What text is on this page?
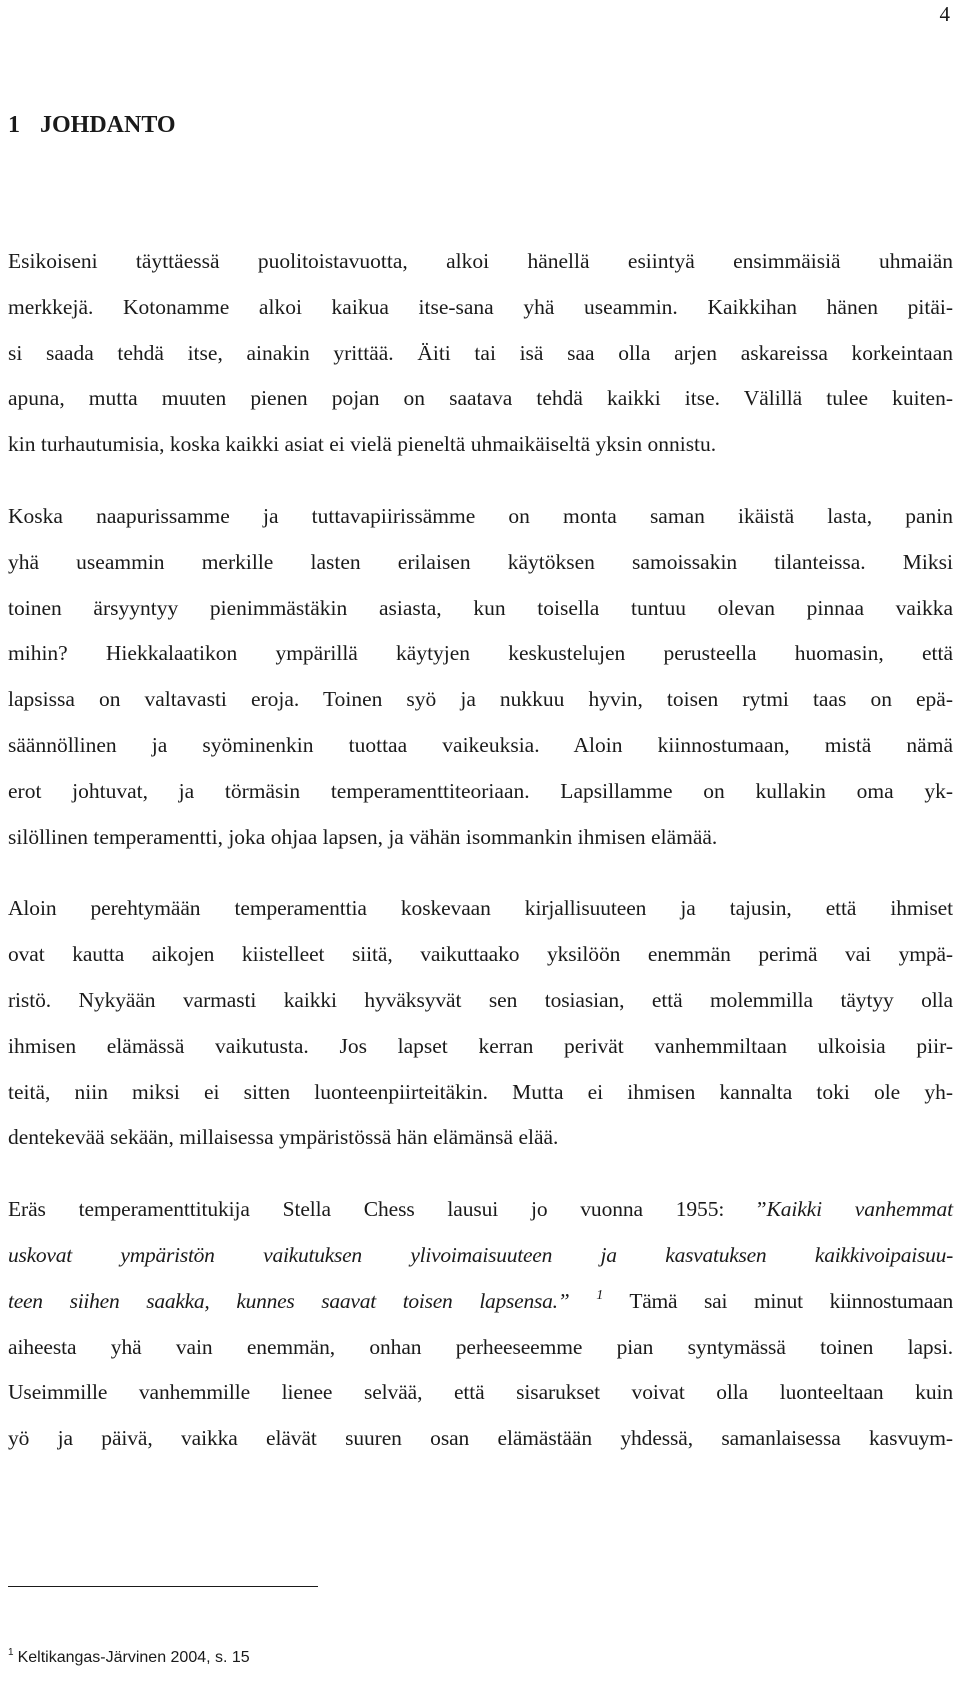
4
1 JOHDANTO

Esikoiseni täyttäessä puolitoistavuotta, alkoi hänellä esiintyä ensimmäisiä uhmaiän
merkkejä. Kotonamme alkoi kaikua itse-sana yhä useammin. Kaikkihan hänen pitäi-
si saada tehdä itse, ainakin yrittää. Äiti tai isä saa olla arjen askareissa korkeintaan
apuna, mutta muuten pienen pojan on saatava tehdä kaikki itse. Välillä tulee kuiten-
kin turhautumisia, koska kaikki asiat ei vielä pieneltä uhmaikäiseltä yksin onnistu.

Koska naapurissamme ja tuttavapiirissämme on monta saman ikäistä lasta, panin
yhä useammin merkille lasten erilaisen käytöksen samoissakin tilanteissa. Miksi
toinen ärsyyntyy pienimmästäkin asiasta, kun toisella tuntuu olevan pinnaa vaikka
mihin? Hiekkalaatikon ympärillä käytyjen keskustelujen perusteella huomasin, että
lapsissa on valtavasti eroja. Toinen syö ja nukkuu hyvin, toisen rytmi taas on epä-
säännöllinen ja syöminenkin tuottaa vaikeuksia. Aloin kiinnostumaan, mistä nämä
erot johtuvat, ja törmäsin temperamenttiteoriaan. Lapsillamme on kullakin oma yk-
silöllinen temperamentti, joka ohjaa lapsen, ja vähän isommankin ihmisen elämää.

Aloin perehtymään temperamenttia koskevaan kirjallisuuteen ja tajusin, että ihmiset
ovat kautta aikojen kiistelleet siitä, vaikuttaako yksilöön enemmän perimä vai ympä-
ristö. Nykyään varmasti kaikki hyväksyvät sen tosiasian, että molemmilla täytyy olla
ihmisen elämässä vaikutusta. Jos lapset kerran perivät vanhemmiltaan ulkoisia piir-
teitä, niin miksi ei sitten luonteenpiirteitäkin. Mutta ei ihmisen kannalta toki ole yh-
dentekevää sekään, millaisessa ympäristössä hän elämänsä elää.

Eräs temperamenttitukija Stella Chess lausui jo vuonna 1955: ”Kaikki vanhemmat
uskovat ympäristön vaikutuksen ylivoimaisuuteen ja kasvatuksen kaikkivoipaisuu-
teen siihen saakka, kunnes saavat toisen lapsensa.” $^1$ Tämä sai minut kiinnostumaan
aiheesta yhä vain enemmän, onhan perheeseemme pian syntymässä toinen lapsi.
Useimmille vanhemmille lienee selvää, että sisarukset voivat olla luonteeltaan kuin
yö ja päivä, vaikka elävät suuren osan elämästään yhdessä, samanlaisessa kasvuym-

$^1$ Keltikangas-Järvinen 2004, s. 15
